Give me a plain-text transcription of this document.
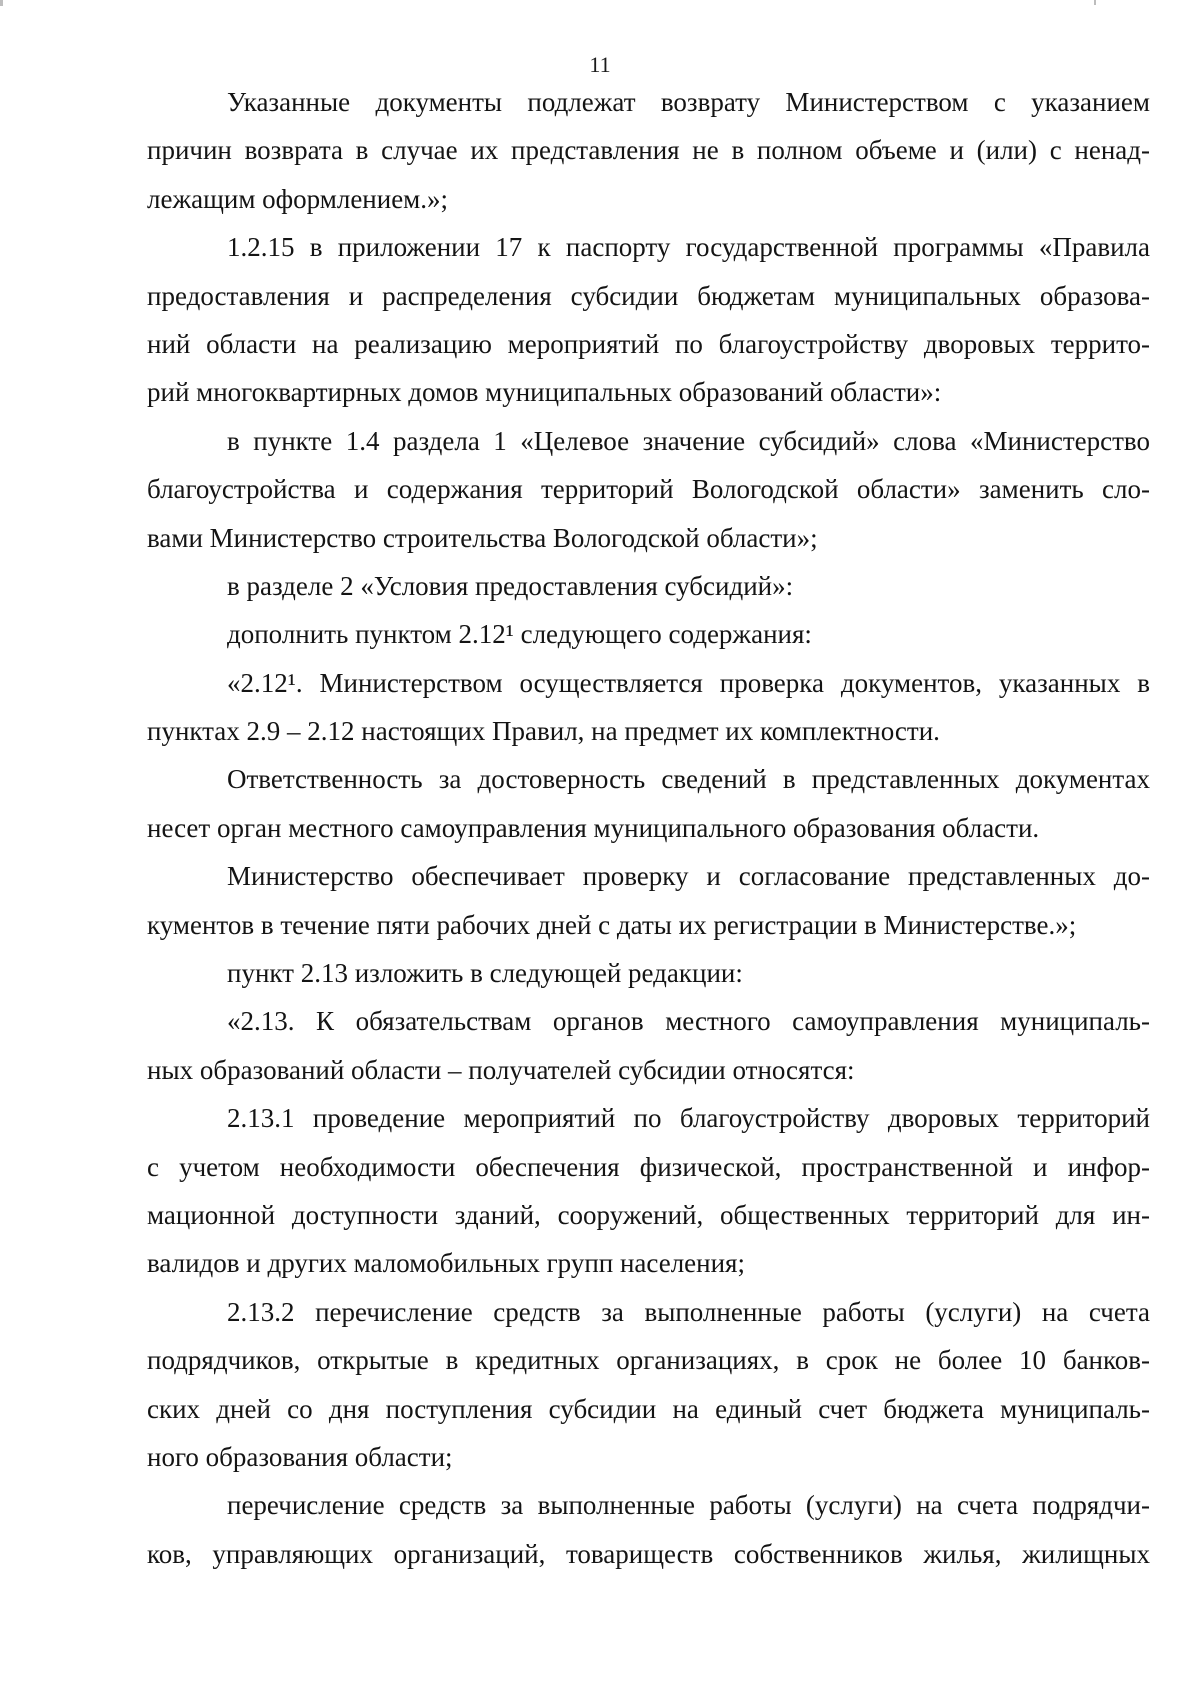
11
Указанные документы подлежат возврату Министерством с указанием
причин возврата в случае их представления не в полном объеме и (или) с ненад-
лежащим оформлением.»;
1.2.15 в приложении 17 к паспорту государственной программы «Правила
предоставления и распределения субсидии бюджетам муниципальных образова-
ний области на реализацию мероприятий по благоустройству дворовых террито-
рий многоквартирных домов муниципальных образований области»:
в пункте 1.4 раздела 1 «Целевое значение субсидий» слова «Министерство
благоустройства и содержания территорий Вологодской области» заменить сло-
вами Министерство строительства Вологодской области»;
в разделе 2 «Условия предоставления субсидий»:
дополнить пунктом 2.12¹ следующего содержания:
«2.12¹. Министерством осуществляется проверка документов, указанных в
пунктах 2.9 – 2.12 настоящих Правил, на предмет их комплектности.
Ответственность за достоверность сведений в представленных документах
несет орган местного самоуправления муниципального образования области.
Министерство обеспечивает проверку и согласование представленных до-
кументов в течение пяти рабочих дней с даты их регистрации в Министерстве.»;
пункт 2.13 изложить в следующей редакции:
«2.13. К обязательствам органов местного самоуправления муниципаль-
ных образований области – получателей субсидии относятся:
2.13.1 проведение мероприятий по благоустройству дворовых территорий
с учетом необходимости обеспечения физической, пространственной и инфор-
мационной доступности зданий, сооружений, общественных территорий для ин-
валидов и других маломобильных групп населения;
2.13.2 перечисление средств за выполненные работы (услуги) на счета
подрядчиков, открытые в кредитных организациях, в срок не более 10 банков-
ских дней со дня поступления субсидии на единый счет бюджета муниципаль-
ного образования области;
перечисление средств за выполненные работы (услуги) на счета подрядчи-
ков, управляющих организаций, товариществ собственников жилья, жилищных
